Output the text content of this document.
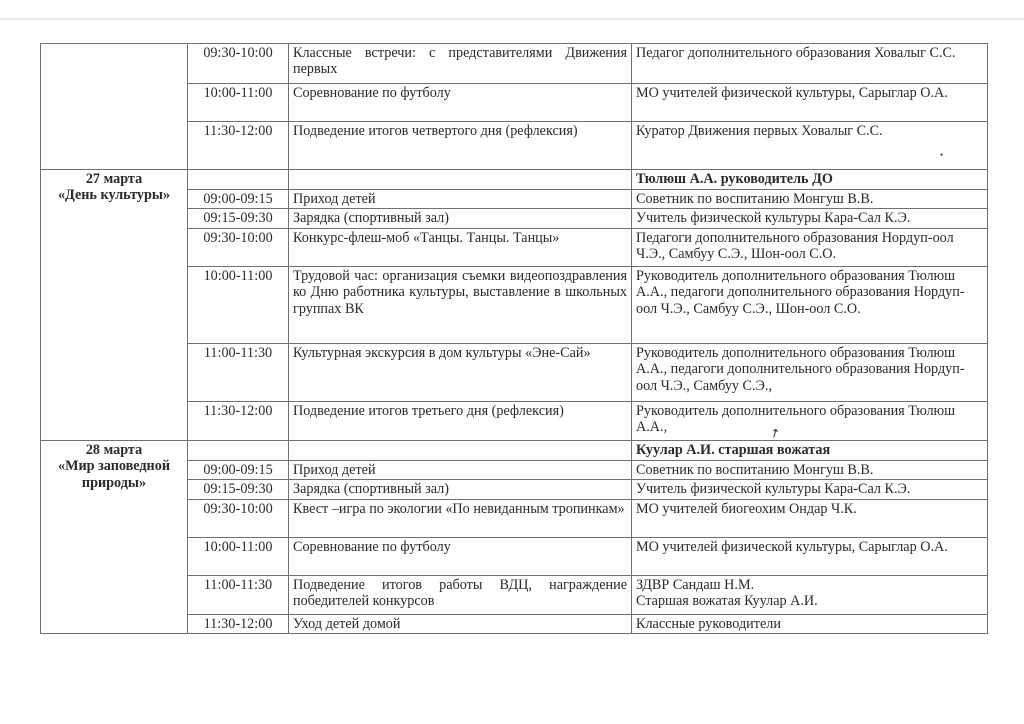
	09:30-10:00	Классные встречи: с представителями Движения первых	Педагог дополнительного образования Ховалыг С.С.
	10:00-11:00	Соревнование по футболу	МО учителей физической культуры, Сарыглар О.А.
	11:30-12:00	Подведение итогов четвертого дня (рефлексия)	Куратор Движения первых Ховалыг С.С.

27 марта
«День культуры»			Тюлюш А.А. руководитель ДО
	09:00-09:15	Приход детей	Советник по воспитанию Монгуш В.В.
	09:15-09:30	Зарядка (спортивный зал)	Учитель физической культуры Кара-Сал К.Э.
	09:30-10:00	Конкурс-флеш-моб «Танцы. Танцы. Танцы»	Педагоги дополнительного образования Нордуп-оол Ч.Э., Самбуу С.Э., Шон-оол С.О.
	10:00-11:00	Трудовой час: организация съемки видеопоздравления ко Дню работника культуры, выставление в школьных группах ВК	Руководитель дополнительного образования Тюлюш А.А., педагоги дополнительного образования Нордуп-оол Ч.Э., Самбуу С.Э., Шон-оол С.О.
	11:00-11:30	Культурная экскурсия в дом культуры «Эне-Сай»	Руководитель дополнительного образования Тюлюш А.А., педагоги дополнительного образования Нордуп-оол Ч.Э., Самбуу С.Э.,
	11:30-12:00	Подведение итогов третьего дня (рефлексия)	Руководитель дополнительного образования Тюлюш А.А.,

28 марта
«Мир заповедной природы»			Куулар А.И. старшая вожатая
	09:00-09:15	Приход детей	Советник по воспитанию Монгуш В.В.
	09:15-09:30	Зарядка (спортивный зал)	Учитель физической культуры Кара-Сал К.Э.
	09:30-10:00	Квест –игра по экологии «По невиданным тропинкам»	МО учителей биогеохим Ондар Ч.К.
	10:00-11:00	Соревнование по футболу	МО учителей физической культуры, Сарыглар О.А.
	11:00-11:30	Подведение итогов работы ВДЦ, награждение победителей конкурсов	ЗДВР Сандаш Н.М.
Старшая вожатая Куулар А.И.
	11:30-12:00	Уход детей домой	Классные руководители
↗
•
